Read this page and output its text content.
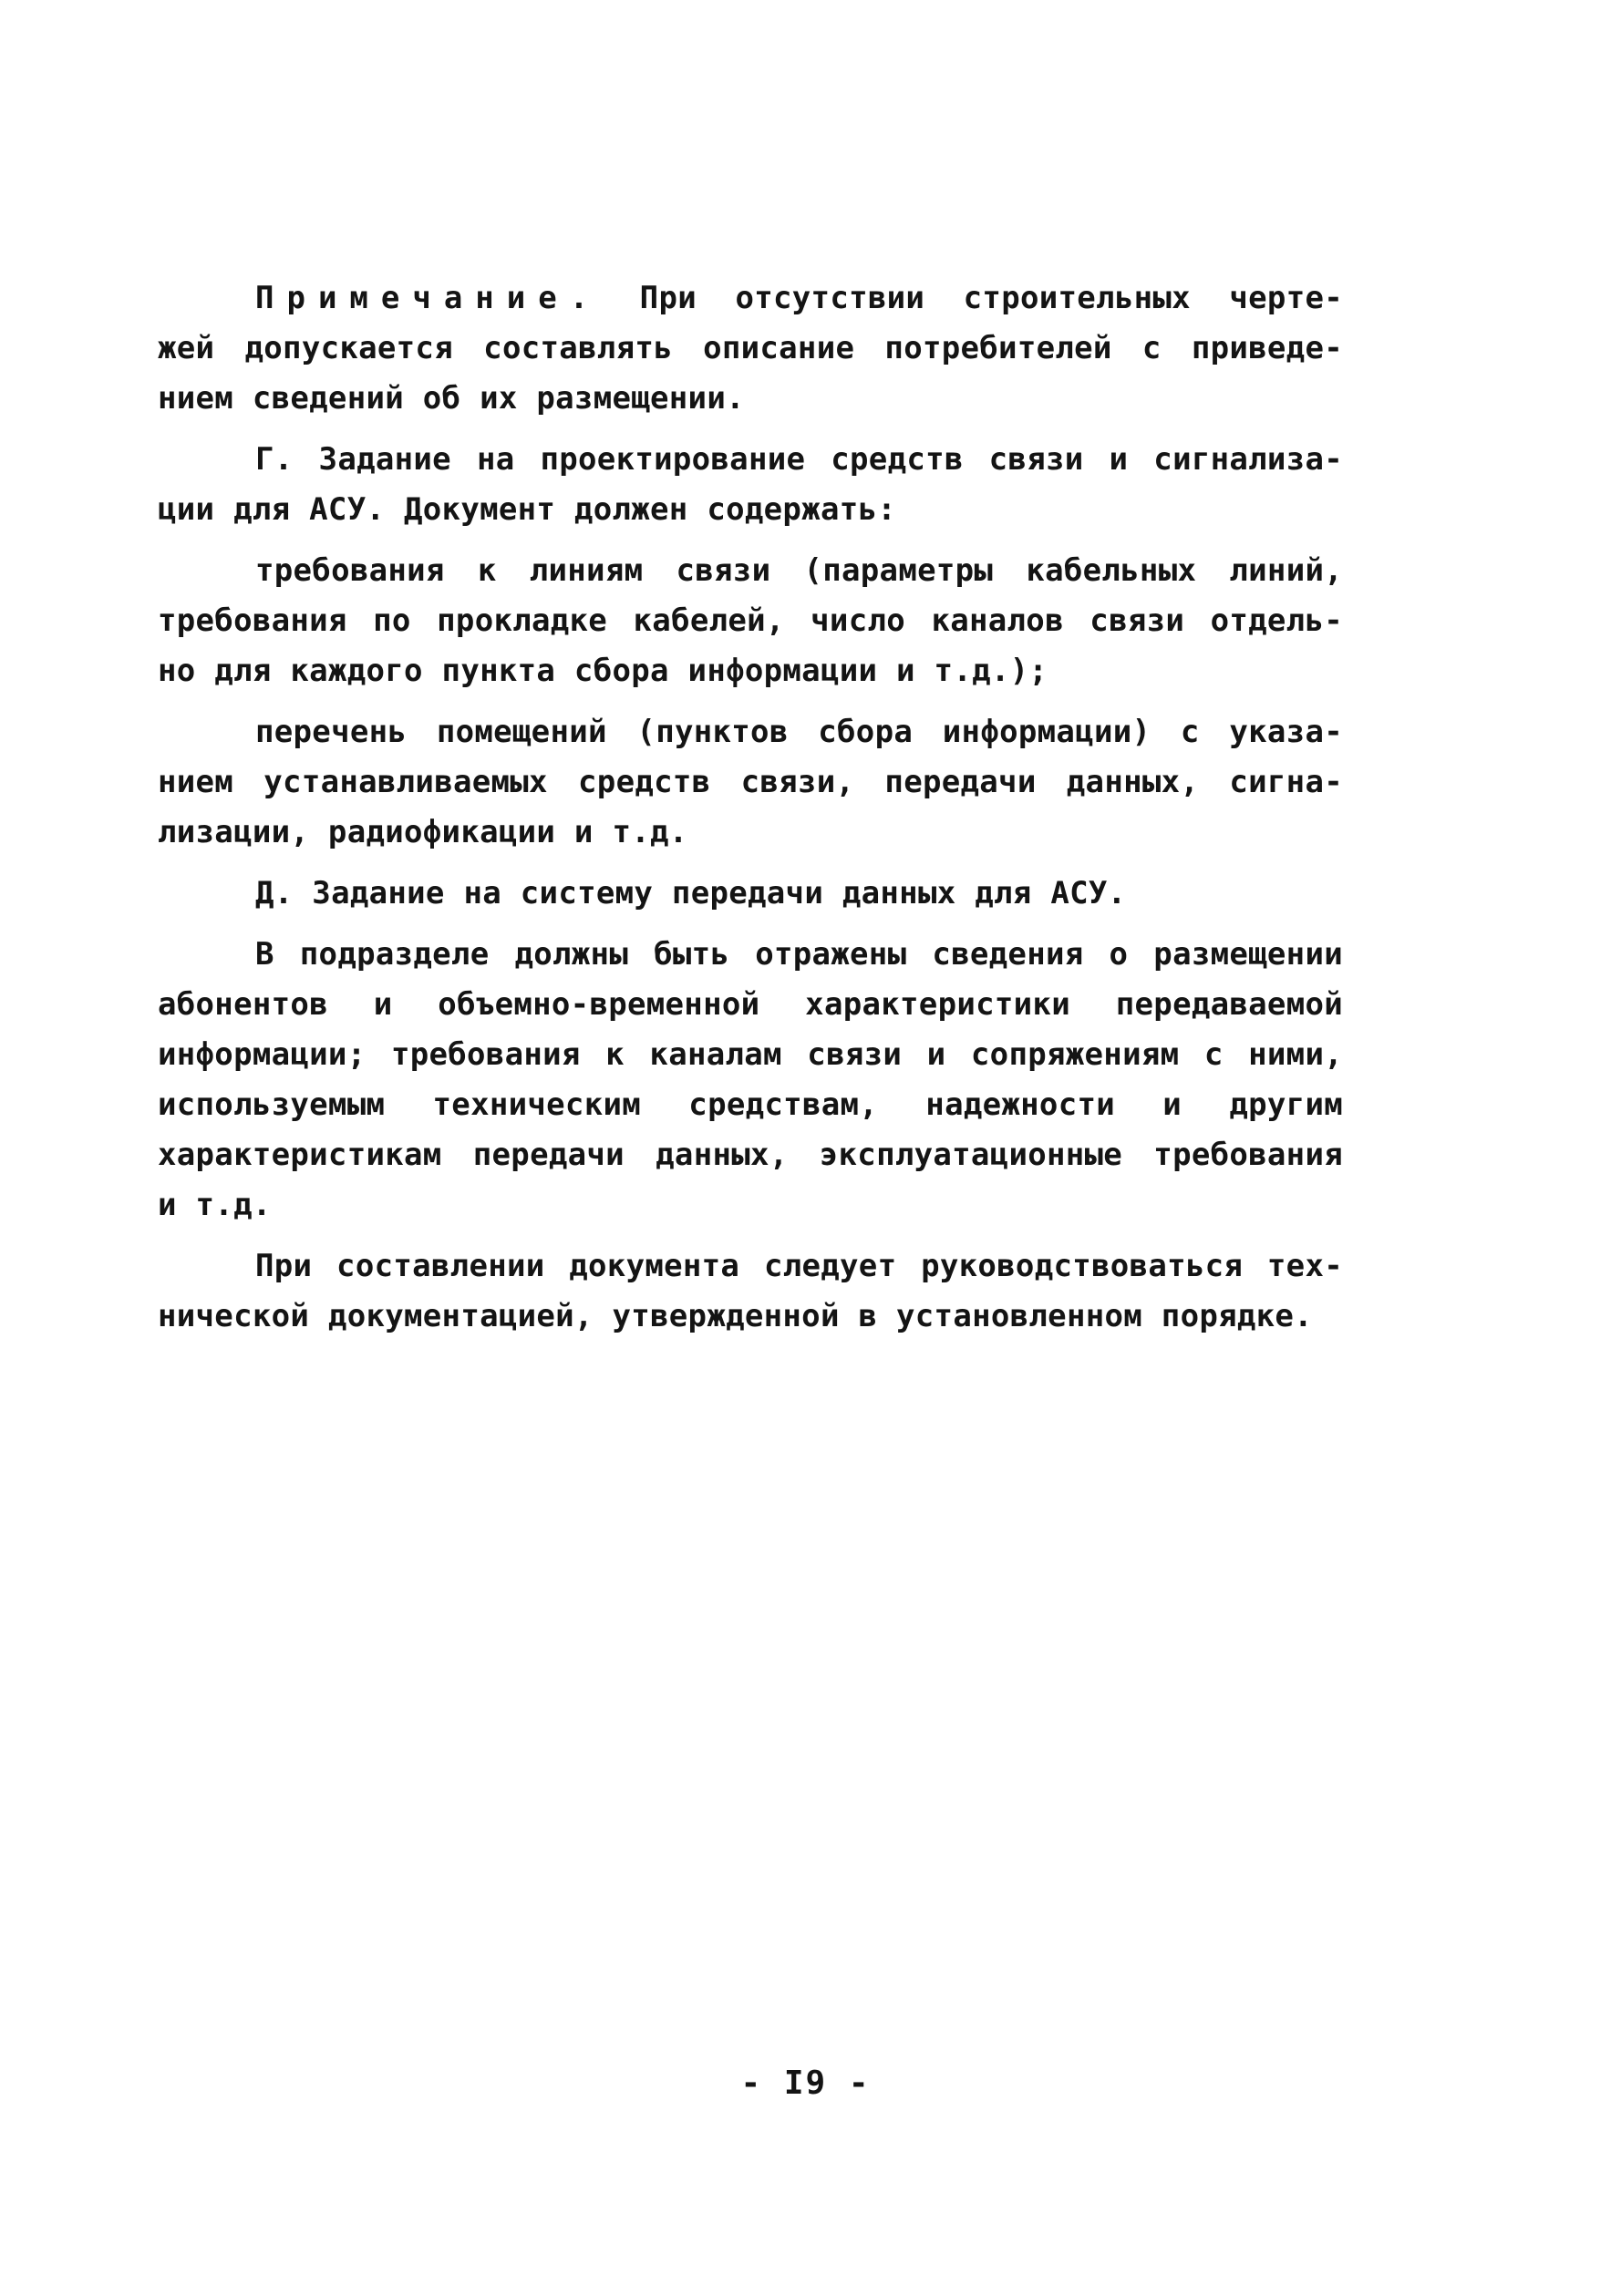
Примечание. При отсутствии строительных черте-
жей допускается составлять описание потребителей с приведе-
нием сведений об их размещении.
Г. Задание на проектирование средств связи и сигнализа-
ции для АСУ. Документ должен содержать:
требования к линиям связи (параметры кабельных линий,
требования по прокладке кабелей, число каналов связи отдель-
но для каждого пункта сбора информации и т.д.);
перечень помещений (пунктов сбора информации) с указа-
нием устанавливаемых средств связи, передачи данных, сигна-
лизации, радиофикации и т.д.
Д. Задание на систему передачи данных для АСУ.
В подразделе должны быть отражены сведения о размещении
абонентов и объемно-временной характеристики передаваемой
информации; требования к каналам связи и сопряжениям с ними,
используемым техническим средствам, надежности и другим
характеристикам передачи данных, эксплуатационные требования
и т.д.
При составлении документа следует руководствоваться тех-
нической документацией, утвержденной в установленном порядке.
- I9 -
